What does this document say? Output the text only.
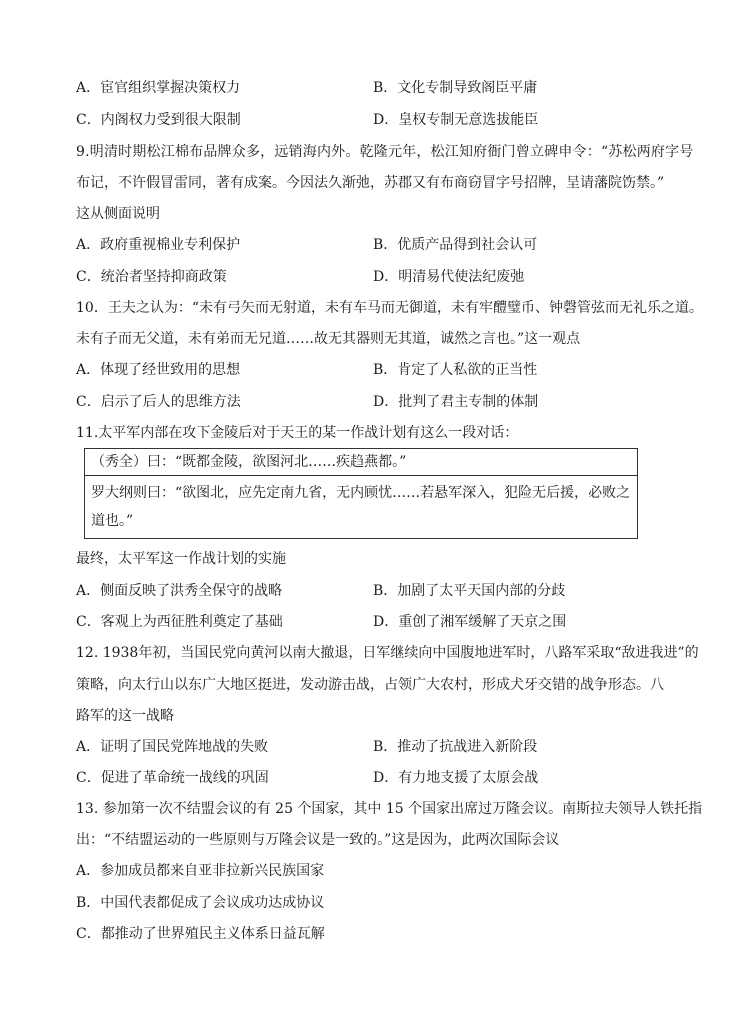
A．宦官组织掌握决策权力	B．文化专制导致阁臣平庸
C．内阁权力受到很大限制	D．皇权专制无意选拔能臣
9.明清时期松江棉布品牌众多，远销海内外。乾隆元年，松江知府衙门曾立碑申令：“苏松两府字号
布记，不许假冒雷同，著有成案。今因法久渐弛，苏郡又有布商窃冒字号招牌，呈请藩院饬禁。”
这从侧面说明
A．政府重视棉业专利保护	B．优质产品得到社会认可
C．统治者坚持抑商政策	D．明清易代使法纪废弛
10．王夫之认为：“未有弓矢而无射道，未有车马而无御道，未有牢醴璧币、钟磬管弦而无礼乐之道。
未有子而无父道，未有弟而无兄道……故无其器则无其道，诚然之言也。”这一观点
A．体现了经世致用的思想	B．肯定了人私欲的正当性
C．启示了后人的思维方法	D．批判了君主专制的体制
11.太平军内部在攻下金陵后对于天王的某一作战计划有这么一段对话：
（秀全）曰：“既都金陵，欲图河北……疾趋燕都。”
罗大纲则曰：“欲图北，应先定南九省，无内顾忧……若悬军深入，犯险无后援，必败之道也。”
最终，太平军这一作战计划的实施
A．侧面反映了洪秀全保守的战略	B．加剧了太平天国内部的分歧
C．客观上为西征胜利奠定了基础	D．重创了湘军缓解了天京之围
12. 1938年初，当国民党向黄河以南大撤退，日军继续向中国腹地进军时，八路军采取“敌进我进”的
策略，向太行山以东广大地区挺进，发动游击战，占领广大农村，形成犬牙交错的战争形态。八
路军的这一战略
A．证明了国民党阵地战的失败	B．推动了抗战进入新阶段
C．促进了革命统一战线的巩固	D．有力地支援了太原会战
13. 参加第一次不结盟会议的有 25 个国家，其中 15 个国家出席过万隆会议。南斯拉夫领导人铁托指
出：“不结盟运动的一些原则与万隆会议是一致的。”这是因为，此两次国际会议
A．参加成员都来自亚非拉新兴民族国家
B．中国代表都促成了会议成功达成协议
C．都推动了世界殖民主义体系日益瓦解
